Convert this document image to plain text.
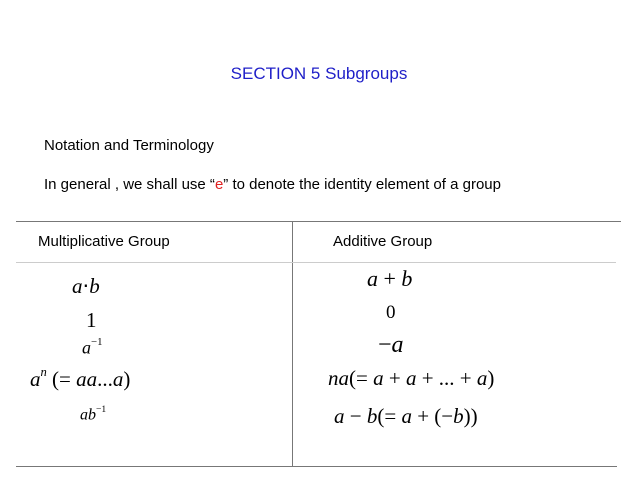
SECTION 5 Subgroups
Notation and Terminology
In general , we shall use “e” to denote the identity element of a group
Multiplicative Group	Additive Group
a⋅b
1
$a^{-1}$
$a^n$ (= aa...a)
$ab^{-1}$
a + b
0
−a
na(= a + a + ... + a)
a − b(= a + (−b))
